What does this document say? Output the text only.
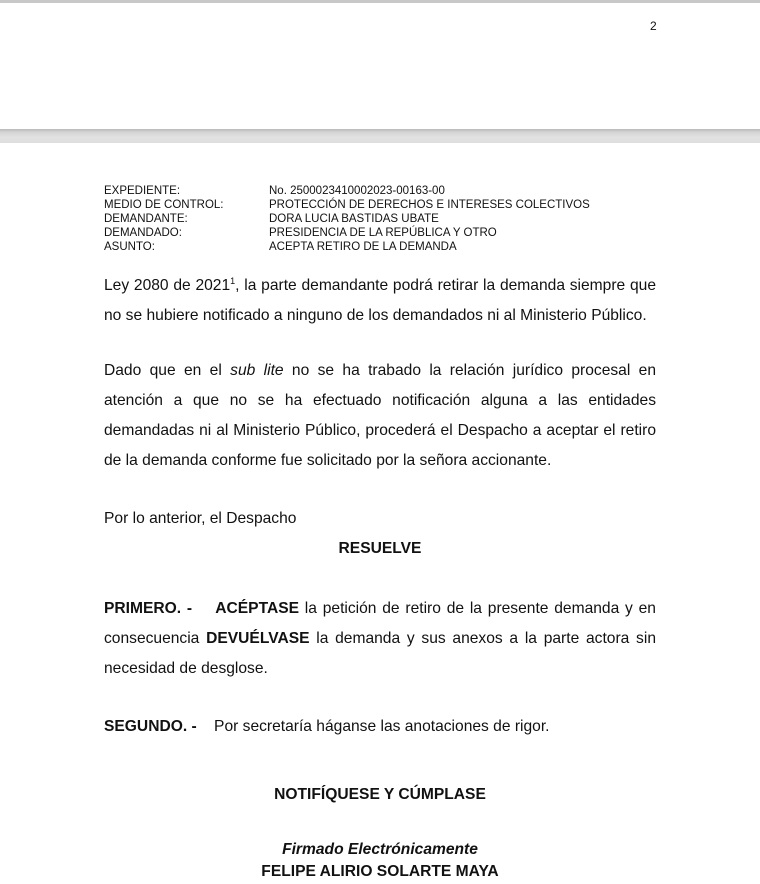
2
EXPEDIENTE:	No. 2500023410002023-00163-00
MEDIO DE CONTROL:	PROTECCIÓN DE DERECHOS E INTERESES COLECTIVOS
DEMANDANTE:	DORA LUCIA BASTIDAS UBATE
DEMANDADO:	PRESIDENCIA DE LA REPÚBLICA Y OTRO
ASUNTO:	ACEPTA RETIRO DE LA DEMANDA
Ley 2080 de 2021$^1$, la parte demandante podrá retirar la demanda siempre que no se hubiere notificado a ninguno de los demandados ni al Ministerio Público.
Dado que en el sub lite no se ha trabado la relación jurídico procesal en atención a que no se ha efectuado notificación alguna a las entidades demandadas ni al Ministerio Público, procederá el Despacho a aceptar el retiro de la demanda conforme fue solicitado por la señora accionante.
Por lo anterior, el Despacho
RESUELVE
PRIMERO. - ACÉPTASE la petición de retiro de la presente demanda y en consecuencia DEVUÉLVASE la demanda y sus anexos a la parte actora sin necesidad de desglose.
SEGUNDO. - Por secretaría háganse las anotaciones de rigor.
NOTIFÍQUESE Y CÚMPLASE
Firmado Electrónicamente
FELIPE ALIRIO SOLARTE MAYA
